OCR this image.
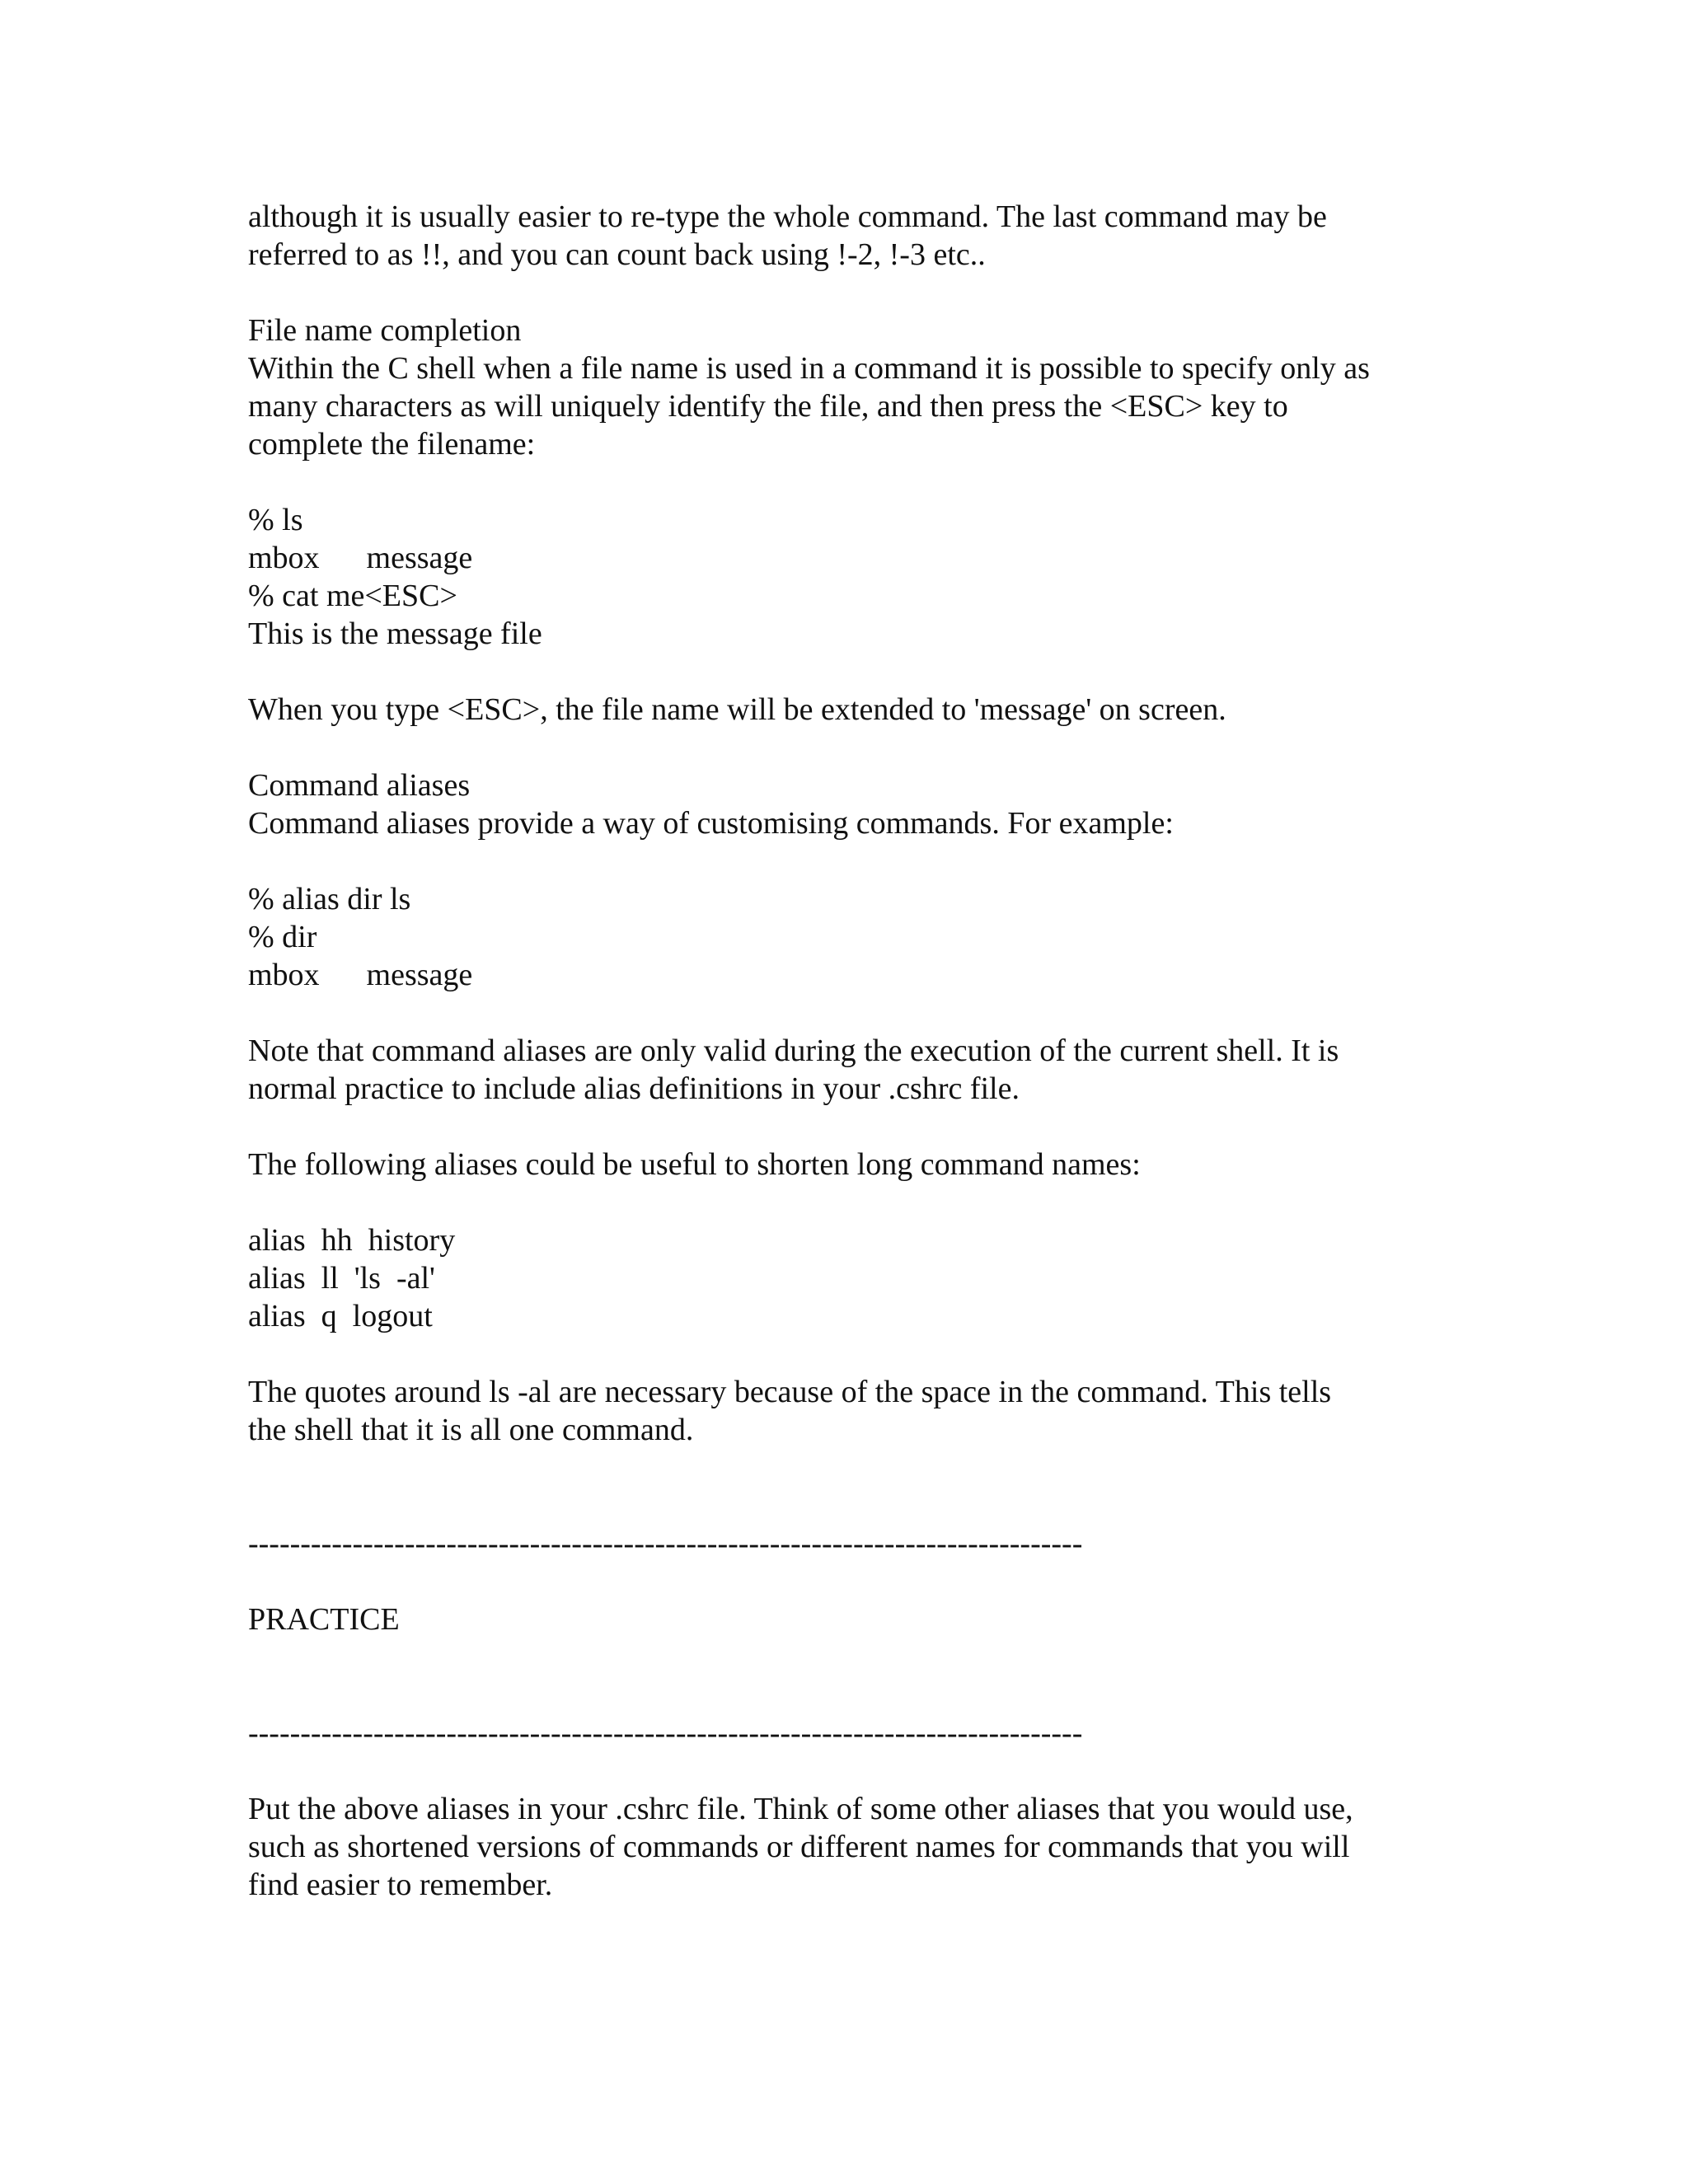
although it is usually easier to re-type the whole command. The last command may be
referred to as !!, and you can count back using !-2, !-3 etc..
File name completion
Within the C shell when a file name is used in a command it is possible to specify only as
many characters as will uniquely identify the file, and then press the <ESC> key to
complete the filename:
% ls
mbox      message
% cat me<ESC>
This is the message file
When you type <ESC>, the file name will be extended to 'message' on screen.
Command aliases
Command aliases provide a way of customising commands. For example:
% alias dir ls
% dir
mbox      message
Note that command aliases are only valid during the execution of the current shell. It is
normal practice to include alias definitions in your .cshrc file.
The following aliases could be useful to shorten long command names:
alias  hh  history
alias  ll  'ls  -al'
alias  q  logout
The quotes around ls -al are necessary because of the space in the command. This tells
the shell that it is all one command.
--------------------------------------------------------------------------------
PRACTICE
--------------------------------------------------------------------------------
Put the above aliases in your .cshrc file. Think of some other aliases that you would use,
such as shortened versions of commands or different names for commands that you will
find easier to remember.
